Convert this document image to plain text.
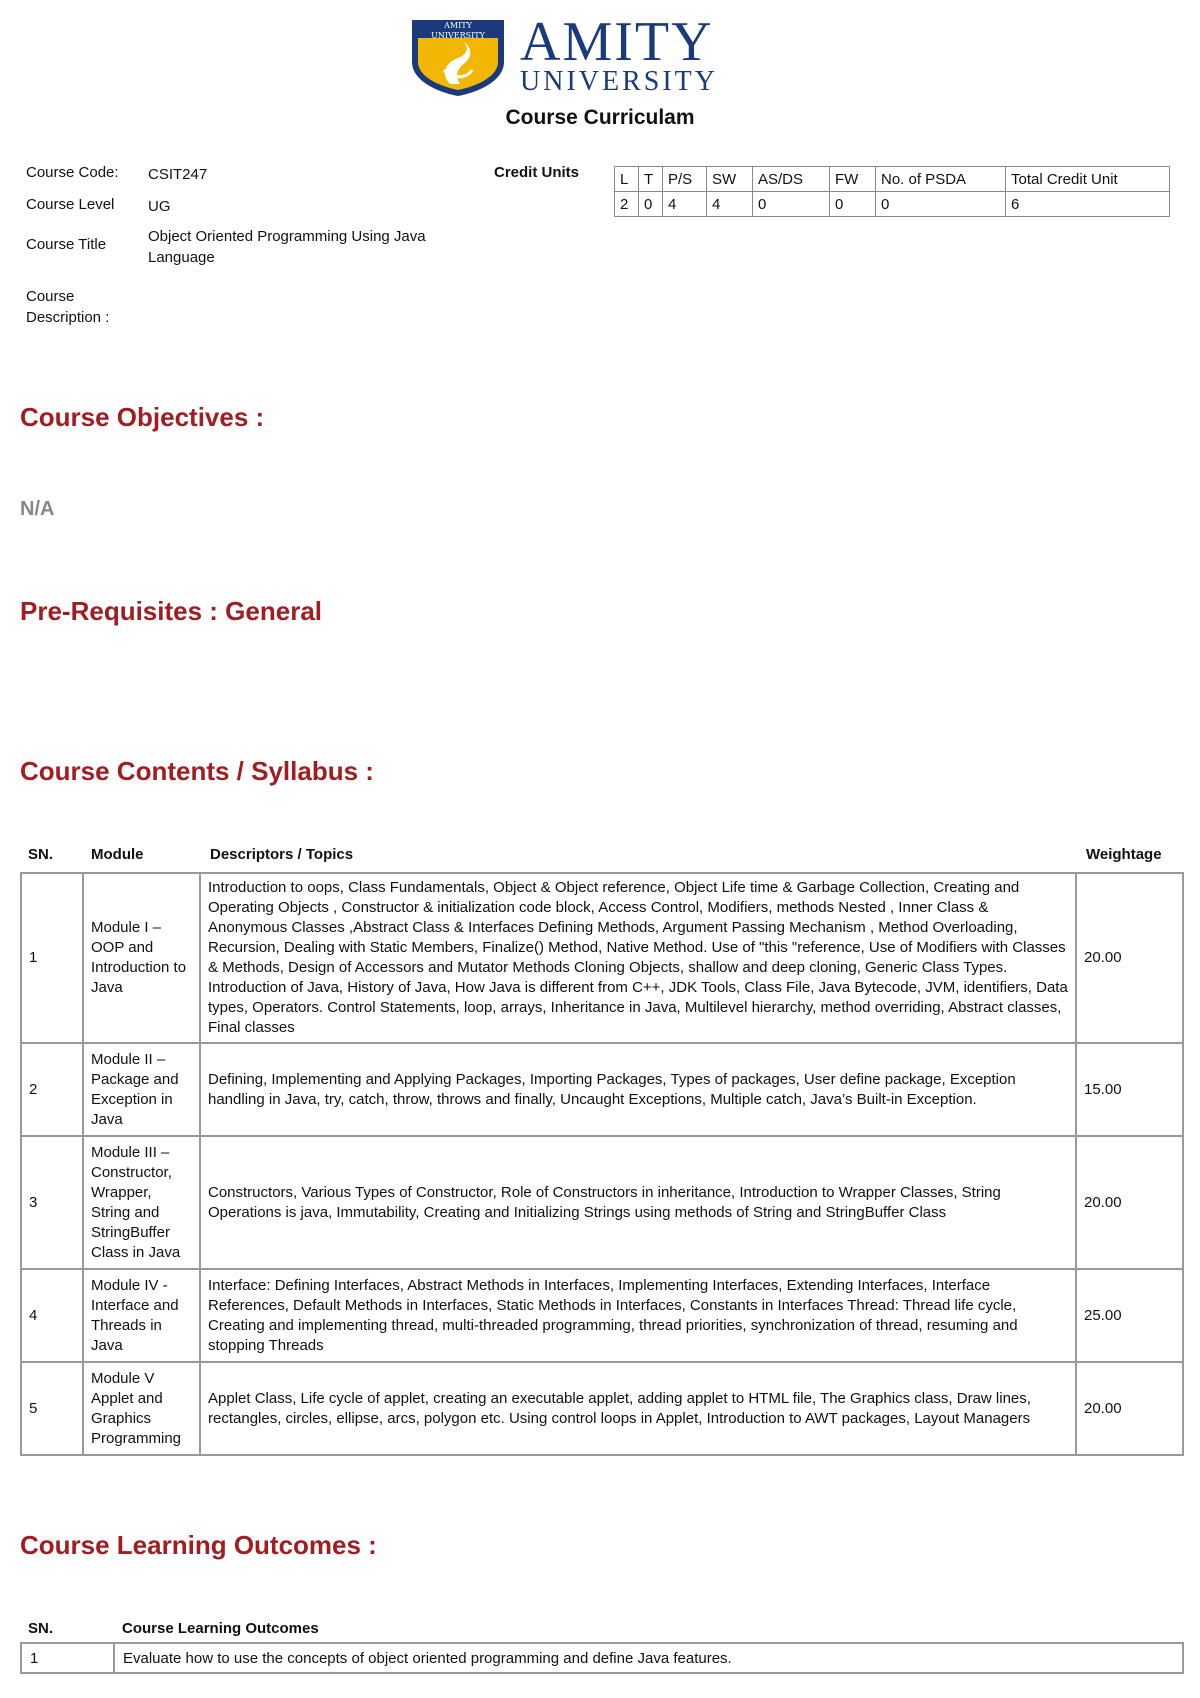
AMITY UNIVERSITY AMITY
UNIVERSITY
Course Curriculam
Course Code:	CSIT247
Course Level	UG
Course Title	Object Oriented Programming Using Java Language
Course
Description :
Credit Units	L	T	P/S	SW	AS/DS	FW	No. of PSDA	Total Credit Unit
2	0	4	4	0	0	0	6
Course Objectives :
N/A
Pre-Requisites : General
Course Contents / Syllabus :
SN.	Module	Descriptors / Topics	Weightage
1	Module I – OOP and Introduction to Java	Introduction to oops, Class Fundamentals, Object & Object reference, Object Life time & Garbage Collection, Creating and Operating Objects , Constructor & initialization code block, Access Control, Modifiers, methods Nested , Inner Class & Anonymous Classes ,Abstract Class & Interfaces Defining Methods, Argument Passing Mechanism , Method Overloading, Recursion, Dealing with Static Members, Finalize() Method, Native Method. Use of "this "reference, Use of Modifiers with Classes & Methods, Design of Accessors and Mutator Methods Cloning Objects, shallow and deep cloning, Generic Class Types. Introduction of Java, History of Java, How Java is different from C++, JDK Tools, Class File, Java Bytecode, JVM, identifiers, Data types, Operators. Control Statements, loop, arrays, Inheritance in Java, Multilevel hierarchy, method overriding, Abstract classes, Final classes	20.00
2	Module II – Package and Exception in Java	Defining, Implementing and Applying Packages, Importing Packages, Types of packages, User define package, Exception handling in Java, try, catch, throw, throws and finally, Uncaught Exceptions, Multiple catch, Java’s Built-in Exception.	15.00
3	Module III – Constructor, Wrapper, String and StringBuffer Class in Java	Constructors, Various Types of Constructor, Role of Constructors in inheritance, Introduction to Wrapper Classes, String Operations is java, Immutability, Creating and Initializing Strings using methods of String and StringBuffer Class	20.00
4	Module IV - Interface and Threads in Java	Interface: Defining Interfaces, Abstract Methods in Interfaces, Implementing Interfaces, Extending Interfaces, Interface References, Default Methods in Interfaces, Static Methods in Interfaces, Constants in Interfaces Thread: Thread life cycle, Creating and implementing thread, multi-threaded programming, thread priorities, synchronization of thread, resuming and stopping Threads	25.00
5	Module V Applet and Graphics Programming	Applet Class, Life cycle of applet, creating an executable applet, adding applet to HTML file, The Graphics class, Draw lines, rectangles, circles, ellipse, arcs, polygon etc. Using control loops in Applet, Introduction to AWT packages, Layout Managers	20.00
Course Learning Outcomes :
SN.	Course Learning Outcomes
1	Evaluate how to use the concepts of object oriented programming and define Java features.
